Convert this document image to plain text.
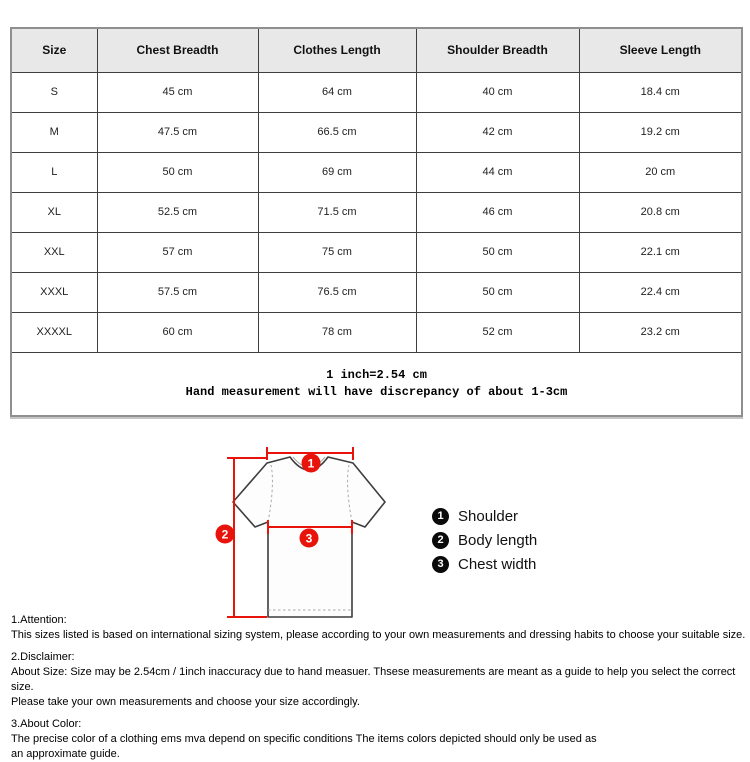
Size	Chest Breadth	Clothes Length	Shoulder Breadth	Sleeve Length
S	45 cm	64 cm	40 cm	18.4 cm
M	47.5 cm	66.5 cm	42 cm	19.2 cm
L	50 cm	69 cm	44 cm	20 cm
XL	52.5 cm	71.5 cm	46 cm	20.8 cm
XXL	57 cm	75 cm	50 cm	22.1 cm
XXXL	57.5 cm	76.5 cm	50 cm	22.4 cm
XXXXL	60 cm	78 cm	52 cm	23.2 cm

1 inch=2.54 cm
Hand measurement will have discrepancy of about 1-3cm				
1
2	3
1 Shoulder
2 Body length
3 Chest width
1.Attention:
This sizes listed is based on international sizing system, please according to your own measurements and dressing habits to choose your suitable size.
2.Disclaimer:
About Size: Size may be 2.54cm / 1inch inaccuracy due to hand measuer. Thsese measurements are meant as a guide to help you select the correct size.
Please take your own measurements and choose your size accordingly.
3.About Color:
The precise color of a clothing ems mva depend on specific conditions The items colors depicted should only be used as
an approximate guide.
